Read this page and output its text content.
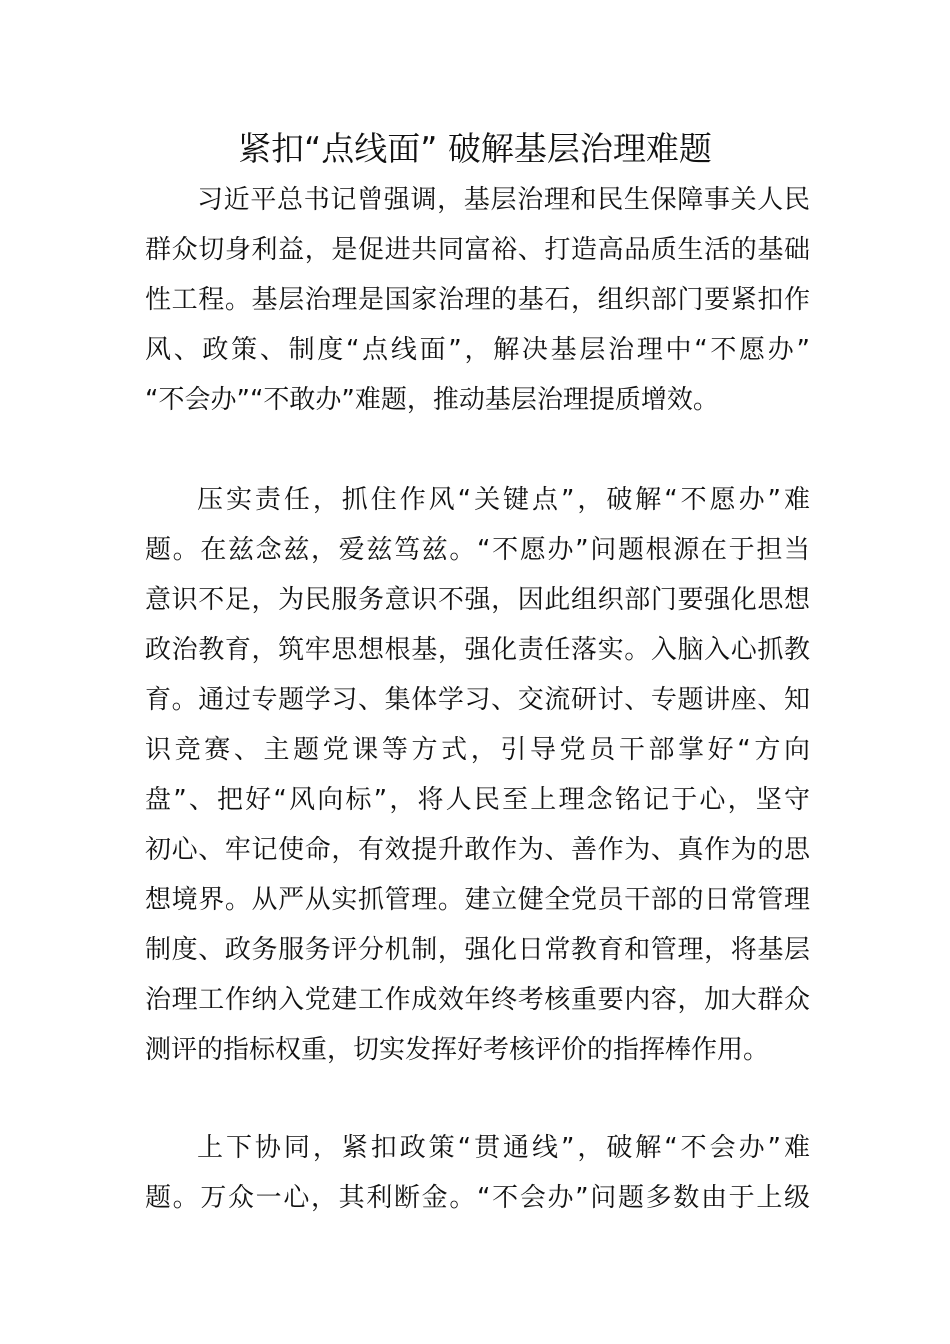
紧扣“点线面” 破解基层治理难题

习近平总书记曾强调，基层治理和民生保障事关人民

群众切身利益，是促进共同富裕、打造高品质生活的基础

性工程。基层治理是国家治理的基石，组织部门要紧扣作

风、政策、制度“点线面”，解决基层治理中“不愿办”

“不会办”“不敢办”难题，推动基层治理提质增效。

压实责任，抓住作风“关键点”，破解“不愿办”难

题。在兹念兹，爱兹笃兹。“不愿办”问题根源在于担当

意识不足，为民服务意识不强，因此组织部门要强化思想

政治教育，筑牢思想根基，强化责任落实。入脑入心抓教

育。通过专题学习、集体学习、交流研讨、专题讲座、知

识竞赛、主题党课等方式，引导党员干部掌好“方向

盘”、把好“风向标”，将人民至上理念铭记于心，坚守

初心、牢记使命，有效提升敢作为、善作为、真作为的思

想境界。从严从实抓管理。建立健全党员干部的日常管理

制度、政务服务评分机制，强化日常教育和管理，将基层

治理工作纳入党建工作成效年终考核重要内容，加大群众

测评的指标权重，切实发挥好考核评价的指挥棒作用。

上下协同，紧扣政策“贯通线”，破解“不会办”难

题。万众一心，其利断金。“不会办”问题多数由于上级
